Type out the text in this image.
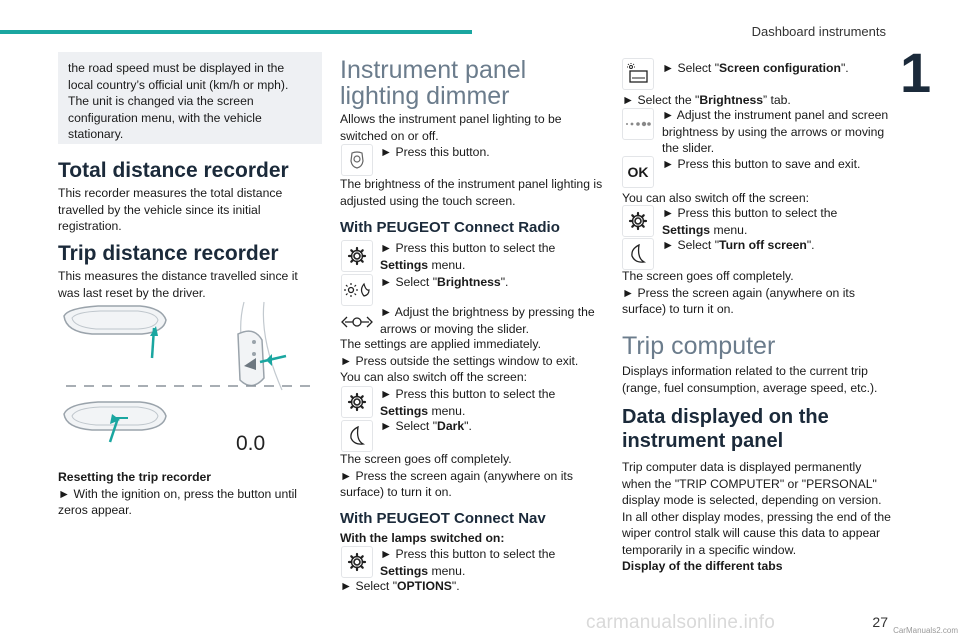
Dashboard instruments
1
the road speed must be displayed in the local country’s official unit (km/h or mph).
The unit is changed via the screen configuration menu, with the vehicle stationary.
Total distance recorder

This recorder measures the total distance travelled by the vehicle since its initial registration.

Trip distance recorder

This measures the distance travelled since it was last reset by the driver.

0.0

Resetting the trip recorder

► With the ignition on, press the button until zeros appear.

Instrument panel lighting dimmer

Allows the instrument panel lighting to be switched on or off.

► Press this button.

The brightness of the instrument panel lighting is adjusted using the touch screen.

With PEUGEOT Connect Radio
► Press this button to select the
Settings menu.
► Select "Brightness".
► Adjust the brightness by pressing the arrows or moving the slider.

The settings are applied immediately.

► Press outside the settings window to exit.

You can also switch off the screen:

► Press this button to select the
Settings menu.
► Select "Dark".

The screen goes off completely.

► Press the screen again (anywhere on its surface) to turn it on.

With PEUGEOT Connect Nav

With the lamps switched on:

► Press this button to select the
Settings menu.
► Select "OPTIONS".
► Select "Screen configuration".
► Select the "Brightness” tab.
► Adjust the instrument panel and screen brightness by using the arrows or moving the slider.
OK	► Press this button to save and exit.

You can also switch off the screen:

► Press this button to select the
Settings menu.
► Select "Turn off screen".

The screen goes off completely.

► Press the screen again (anywhere on its surface) to turn it on.

Trip computer

Displays information related to the current trip (range, fuel consumption, average speed, etc.).

Data displayed on the instrument panel

Trip computer data is displayed permanently when the "TRIP COMPUTER" or "PERSONAL" display mode is selected, depending on version. In all other display modes, pressing the end of the wiper control stalk will cause this data to appear temporarily in a specific window.

Display of the different tabs

carmanualsonline.info	27
CarManuals2.com
